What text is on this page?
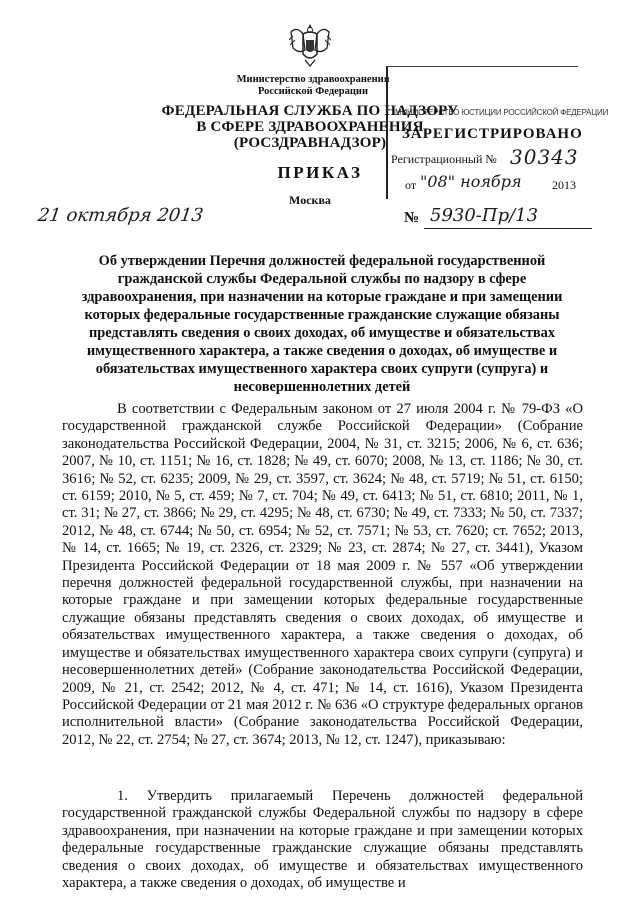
Министерство здравоохранения
Российской Федерации
ФЕДЕРАЛЬНАЯ СЛУЖБА ПО НАДЗОРУ
В СФЕРЕ ЗДРАВООХРАНЕНИЯ
(РОСЗДРАВНАДЗОР)
МИНИСТЕРСТВО ЮСТИЦИИ РОССИЙСКОЙ ФЕДЕРАЦИИ
ЗАРЕГИСТРИРОВАНО
Регистрационный № 30343
от "08" ноября	2013
ПРИКАЗ
Москва
21 октября 2013	№ 5930-Пр/13
Об утверждении Перечня должностей федеральной государственной гражданской службы Федеральной службы по надзору в сфере здравоохранения, при назначении на которые граждане и при замещении которых федеральные государственные гражданские служащие обязаны представлять сведения о своих доходах, об имуществе и обязательствах имущественного характера, а также сведения о доходах, об имуществе и обязательствах имущественного характера своих супруги (супруга) и несовершеннолетних детей

В соответствии с Федеральным законом от 27 июля 2004 г. № 79-ФЗ «О государственной гражданской службе Российской Федерации» (Собрание законодательства Российской Федерации, 2004, № 31, ст. 3215; 2006, № 6, ст. 636; 2007, № 10, ст. 1151; № 16, ст. 1828; № 49, ст. 6070; 2008, № 13, ст. 1186; № 30, ст. 3616; № 52, ст. 6235; 2009, № 29, ст. 3597, ст. 3624; № 48, ст. 5719; № 51, ст. 6150; ст. 6159; 2010, № 5, ст. 459; № 7, ст. 704; № 49, ст. 6413; № 51, ст. 6810; 2011, № 1, ст. 31; № 27, ст. 3866; № 29, ст. 4295; № 48, ст. 6730; № 49, ст. 7333; № 50, ст. 7337; 2012, № 48, ст. 6744; № 50, ст. 6954; № 52, ст. 7571; № 53, ст. 7620; ст. 7652; 2013, № 14, ст. 1665; № 19, ст. 2326, ст. 2329; № 23, ст. 2874; № 27, ст. 3441), Указом Президента Российской Федерации от 18 мая 2009 г. № 557 «Об утверждении перечня должностей федеральной государственной службы, при назначении на которые граждане и при замещении которых федеральные государственные служащие обязаны представлять сведения о своих доходах, об имуществе и обязательствах имущественного характера, а также сведения о доходах, об имуществе и обязательствах имущественного характера своих супруги (супруга) и несовершеннолетних детей» (Собрание законодательства Российской Федерации, 2009, № 21, ст. 2542; 2012, № 4, ст. 471; № 14, ст. 1616), Указом Президента Российской Федерации от 21 мая 2012 г. № 636 «О структуре федеральных органов исполнительной власти» (Собрание законодательства Российской Федерации, 2012, № 22, ст. 2754; № 27, ст. 3674; 2013, № 12, ст. 1247), приказываю:

1. Утвердить прилагаемый Перечень должностей федеральной государственной гражданской службы Федеральной службы по надзору в сфере здравоохранения, при назначении на которые граждане и при замещении которых федеральные государственные гражданские служащие обязаны представлять сведения о своих доходах, об имуществе и обязательствах имущественного характера, а также сведения о доходах, об имуществе и
